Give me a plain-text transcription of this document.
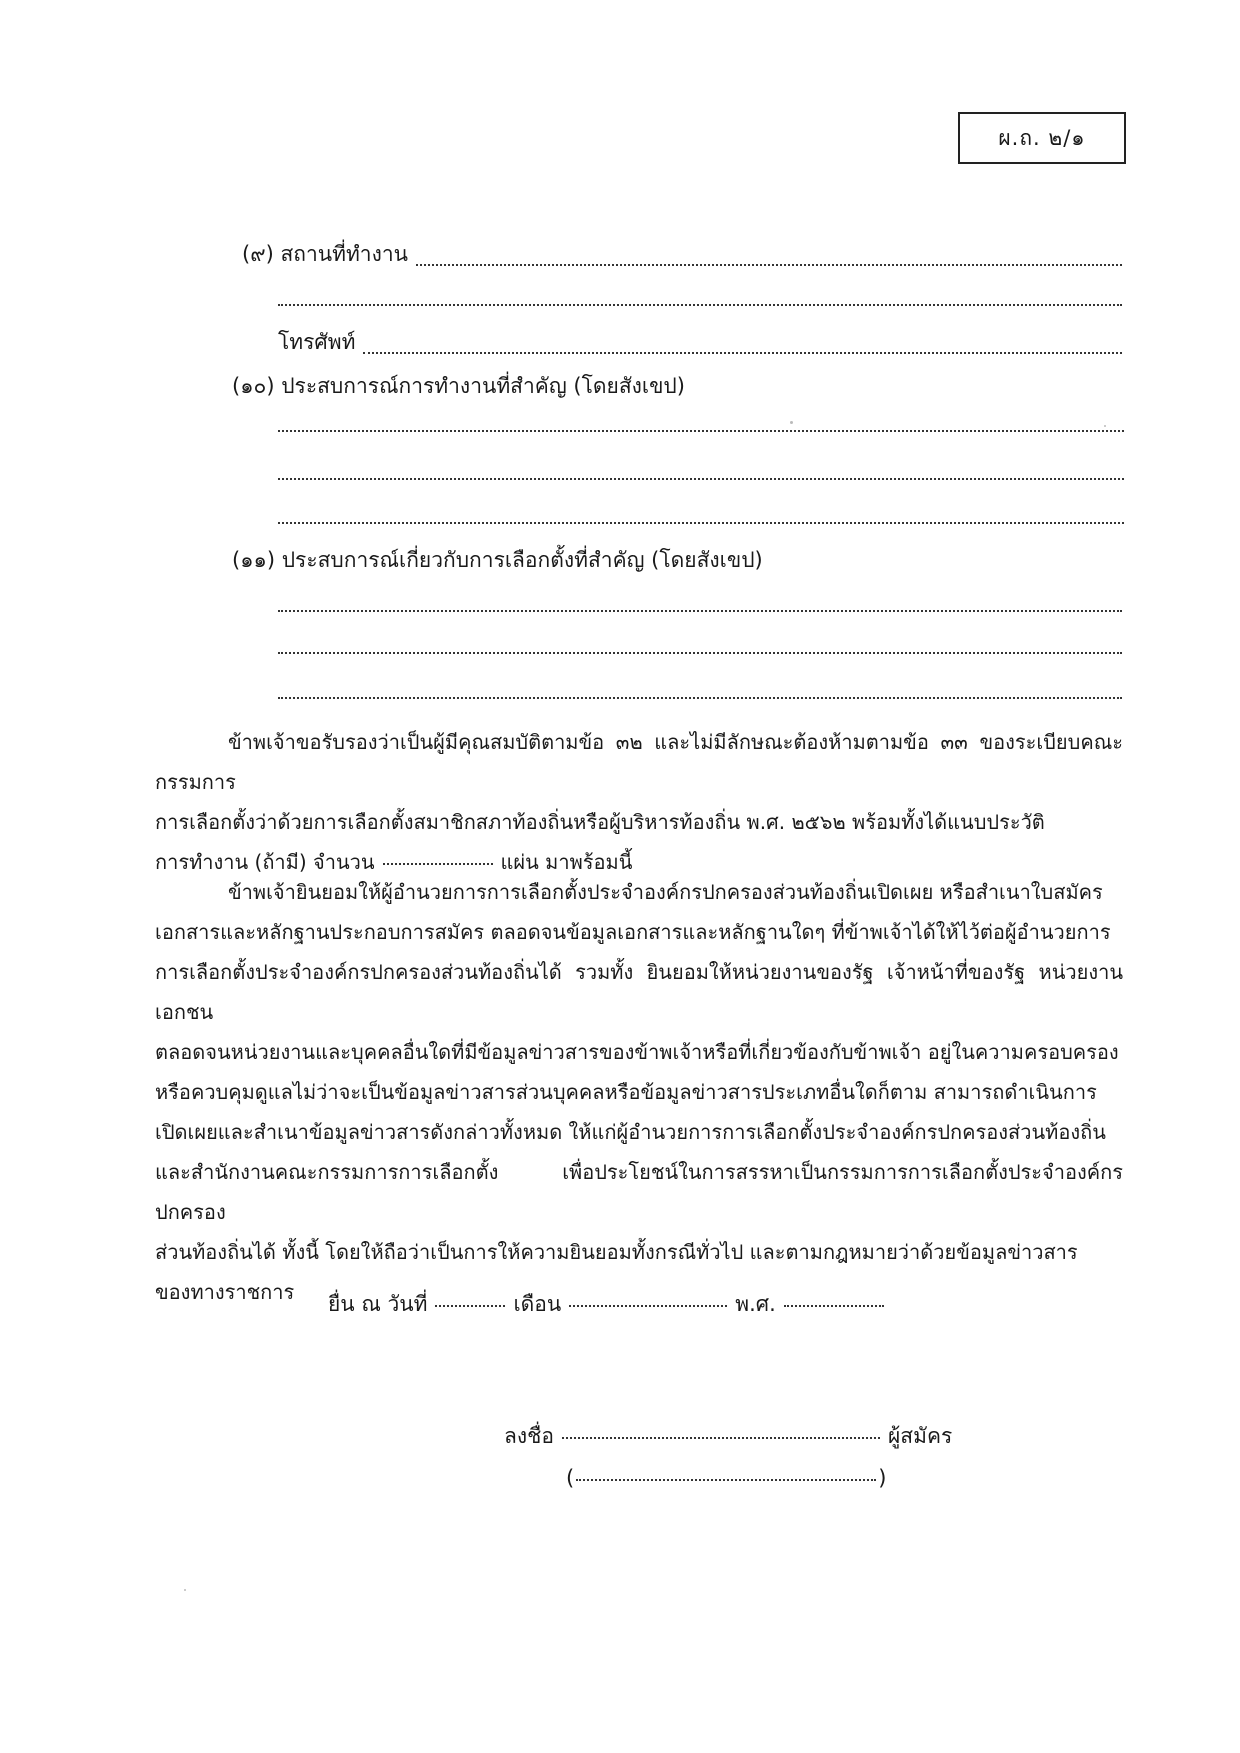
ผ.ถ. ๒/๑
(๙) สถานที่ทำงาน
โทรศัพท์
(๑๐) ประสบการณ์การทำงานที่สำคัญ (โดยสังเขป)
(๑๑) ประสบการณ์เกี่ยวกับการเลือกตั้งที่สำคัญ (โดยสังเขป)

ข้าพเจ้าขอรับรองว่าเป็นผู้มีคุณสมบัติตามข้อ ๓๒ และไม่มีลักษณะต้องห้ามตามข้อ ๓๓ ของระเบียบคณะกรรมการ

การเลือกตั้งว่าด้วยการเลือกตั้งสมาชิกสภาท้องถิ่นหรือผู้บริหารท้องถิ่น พ.ศ. ๒๕๖๒ พร้อมทั้งได้แนบประวัติ

การทำงาน (ถ้ามี) จำนวน	แผ่น มาพร้อมนี้

ข้าพเจ้ายินยอมให้ผู้อำนวยการการเลือกตั้งประจำองค์กรปกครองส่วนท้องถิ่นเปิดเผย หรือสำเนาใบสมัคร

เอกสารและหลักฐานประกอบการสมัคร ตลอดจนข้อมูลเอกสารและหลักฐานใดๆ ที่ข้าพเจ้าได้ให้ไว้ต่อผู้อำนวยการ

การเลือกตั้งประจำองค์กรปกครองส่วนท้องถิ่นได้ รวมทั้ง ยินยอมให้หน่วยงานของรัฐ เจ้าหน้าที่ของรัฐ หน่วยงานเอกชน

ตลอดจนหน่วยงานและบุคคลอื่นใดที่มีข้อมูลข่าวสารของข้าพเจ้าหรือที่เกี่ยวข้องกับข้าพเจ้า อยู่ในความครอบครอง

หรือควบคุมดูแลไม่ว่าจะเป็นข้อมูลข่าวสารส่วนบุคคลหรือข้อมูลข่าวสารประเภทอื่นใดก็ตาม สามารถดำเนินการ

เปิดเผยและสำเนาข้อมูลข่าวสารดังกล่าวทั้งหมด ให้แก่ผู้อำนวยการการเลือกตั้งประจำองค์กรปกครองส่วนท้องถิ่น

และสำนักงานคณะกรรมการการเลือกตั้ง เพื่อประโยชน์ในการสรรหาเป็นกรรมการการเลือกตั้งประจำองค์กรปกครอง

ส่วนท้องถิ่นได้ ทั้งนี้ โดยให้ถือว่าเป็นการให้ความยินยอมทั้งกรณีทั่วไป และตามกฎหมายว่าด้วยข้อมูลข่าวสาร

ของทางราชการ	ยื่น ณ วันที่	เดือน	พ.ศ.
ลงชื่อ	ผู้สมัคร
(	)
